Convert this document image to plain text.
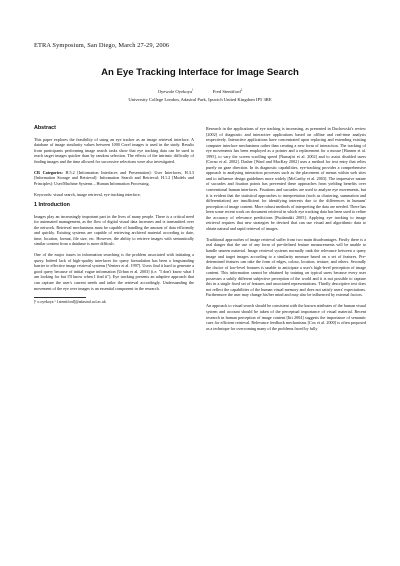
ETRA Symposium, San Diego, March 27-29, 2006
An Eye Tracking Interface for Image Search
Oyewole Oyekoya$^1$	Fred Stentiford$^2$
University College London, Adastral Park, Ipswich United Kingdom IP5 3RE
Abstract

This paper explores the feasibility of using an eye tracker as an image retrieval interface. A database of image similarity values between 1000 Corel images is used in the study. Results from participants performing image search tasks show that eye tracking data can be used to reach target images quicker than by random selection. The effects of the intrinsic difficulty of finding images and the time allowed for successive selections were also investigated.

CR Categories: H.5.2 [Information Interfaces and Presentation]: User Interfaces, H.3.3 [Information Storage and Retrieval]: Information Search and Retrieval; H.1.2 [Models and Principles]: User/Machine Systems – Human Information Processing.

Keywords: visual search, image retrieval, eye tracking interface,

1 Introduction

Images play an increasingly important part in the lives of many people. There is a critical need for automated management, as the flow of digital visual data increases and is transmitted over the network. Retrieval mechanisms must be capable of handling the amount of data efficiently and quickly. Existing systems are capable of retrieving archived material according to date, time, location, format, file size, etc. However, the ability to retrieve images with semantically similar content from a database is more difficult.

One of the major issues in information searching is the problem associated with initiating a query. Indeed lack of high-quality interfaces for query formulation has been a longstanding barrier to effective image retrieval systems [Venters et al. 1997]. Users find it hard to generate a good query because of initial vague information [Urban et al. 2003] (i.e. "I don't know what I am looking for but I'll know when I find it"). Eye tracking presents an adaptive approach that can capture the user's current needs and tailor the retrieval accordingly. Understanding the movement of the eye over images is an essential component in the research.

[¹ o.oyekoya ² f.stentiford]@adastral.ucl.ac.uk

Research in the applications of eye tracking is increasing, as presented in Duchowski's review [2002] of diagnostic and interactive applications based on offline and real-time analysis respectively. Interactive applications have concentrated upon replacing and extending existing computer interface mechanisms rather than creating a new form of interaction. The tracking of eye movements has been employed as a pointer and a replacement for a mouse [Hansen et al. 1995], to vary the screen scrolling speed [Numajiri et al. 2002] and to assist disabled users [Corno et al. 2002]. Dasher [Ward and MacKay 2002] uses a method for text entry that relies purely on gaze direction. In its diagnostic capabilities, eye-tracking provides a comprehensive approach to analysing interaction processes such as the placement of menus within web sites and to influence design guidelines more widely [McCarthy et al. 2003]. The impressive nature of saccades and fixation points has prevented these approaches from yielding benefits over conventional human interfaces. Fixations and saccades are used to analyze eye movements, but it is evident that the statistical approaches to interpretation (such as clustering, summation and differentiation) are insufficient for identifying interests due to the differences in humans' perception of image content. More robust methods of interpreting the data are needed. There has been some recent work on document retrieval in which eye tracking data has been used to refine the accuracy of relevance predictions [Puolamäki 2005]. Applying eye tracking to image retrieval requires that new strategies be devised that can use visual and algorithmic data to obtain natural and rapid retrieval of images.

Traditional approaches of image retrieval suffer from two main disadvantages. Firstly there is a real danger that the use of any form of pre-defined feature measurements will be unable to handle unseen material. Image retrieval systems normally rank the relevance between a query image and target images according to a similarity measure based on a set of features. Pre-determined features can take the form of edges, colour, location, texture, and others. Secondly the choice of low-level features is unable to anticipate a user's high-level perception of image content. This information cannot be obtained by training on typical users because every user possesses a subtly different subjective perception of the world and it is not possible to capture this in a single fixed set of features and associated representations. Thirdly descriptive text does not reflect the capabilities of the human visual memory and does not satisfy users' expectations. Furthermore the user may change his/her mind and may also be influenced by external factors.

An approach to visual search should be consistent with the known attributes of the human visual system and account should be taken of the perceptual importance of visual material. Recent research in human perception of image content [Itti 2004] suggests the importance of semantic cues for efficient retrieval. Relevance feedback mechanisms [Cox et al. 2000] is often proposed as a technique for overcoming many of the problems faced by fully
